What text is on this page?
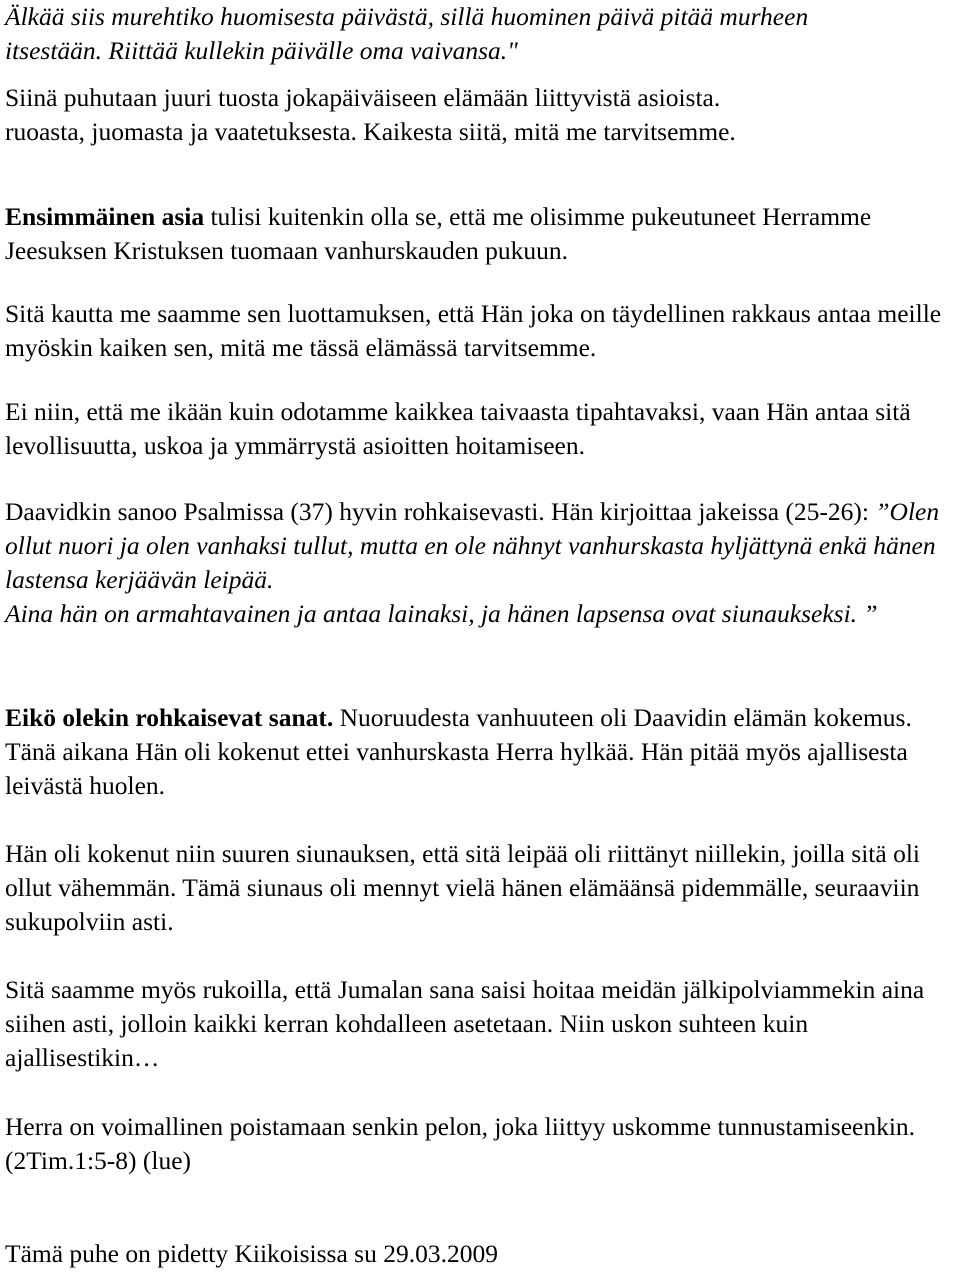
Älkää siis murehtiko huomisesta päivästä, sillä huominen päivä pitää murheen
itsestään. Riittää kullekin päivälle oma vaivansa."

Siinä puhutaan juuri tuosta jokapäiväiseen elämään liittyvistä asioista.
ruoasta, juomasta ja vaatetuksesta. Kaikesta siitä, mitä me tarvitsemme.

Ensimmäinen asia tulisi kuitenkin olla se, että me olisimme pukeutuneet Herramme Jeesuksen Kristuksen tuomaan vanhurskauden pukuun.

Sitä kautta me saamme sen luottamuksen, että Hän joka on täydellinen rakkaus antaa meille myöskin kaiken sen, mitä me tässä elämässä tarvitsemme.

Ei niin, että me ikään kuin odotamme kaikkea taivaasta tipahtavaksi, vaan Hän antaa sitä levollisuutta, uskoa ja ymmärrystä asioitten hoitamiseen.

Daavidkin sanoo Psalmissa (37) hyvin rohkaisevasti. Hän kirjoittaa jakeissa (25-26): ”Olen ollut nuori ja olen vanhaksi tullut, mutta en ole nähnyt vanhurskasta hyljättynä enkä hänen lastensa kerjäävän leipää.
Aina hän on armahtavainen ja antaa lainaksi, ja hänen lapsensa ovat siunaukseksi. ”

Eikö olekin rohkaisevat sanat. Nuoruudesta vanhuuteen oli Daavidin elämän kokemus. Tänä aikana Hän oli kokenut ettei vanhurskasta Herra hylkää. Hän pitää myös ajallisesta leivästä huolen.

Hän oli kokenut niin suuren siunauksen, että sitä leipää oli riittänyt niillekin, joilla sitä oli ollut vähemmän. Tämä siunaus oli mennyt vielä hänen elämäänsä pidemmälle, seuraaviin sukupolviin asti.

Sitä saamme myös rukoilla, että Jumalan sana saisi hoitaa meidän jälkipolviammekin aina siihen asti, jolloin kaikki kerran kohdalleen asetetaan. Niin uskon suhteen kuin ajallisestikin…

Herra on voimallinen poistamaan senkin pelon, joka liittyy uskomme tunnustamiseenkin. (2Tim.1:5-8) (lue)

Tämä puhe on pidetty Kiikoisissa su 29.03.2009
